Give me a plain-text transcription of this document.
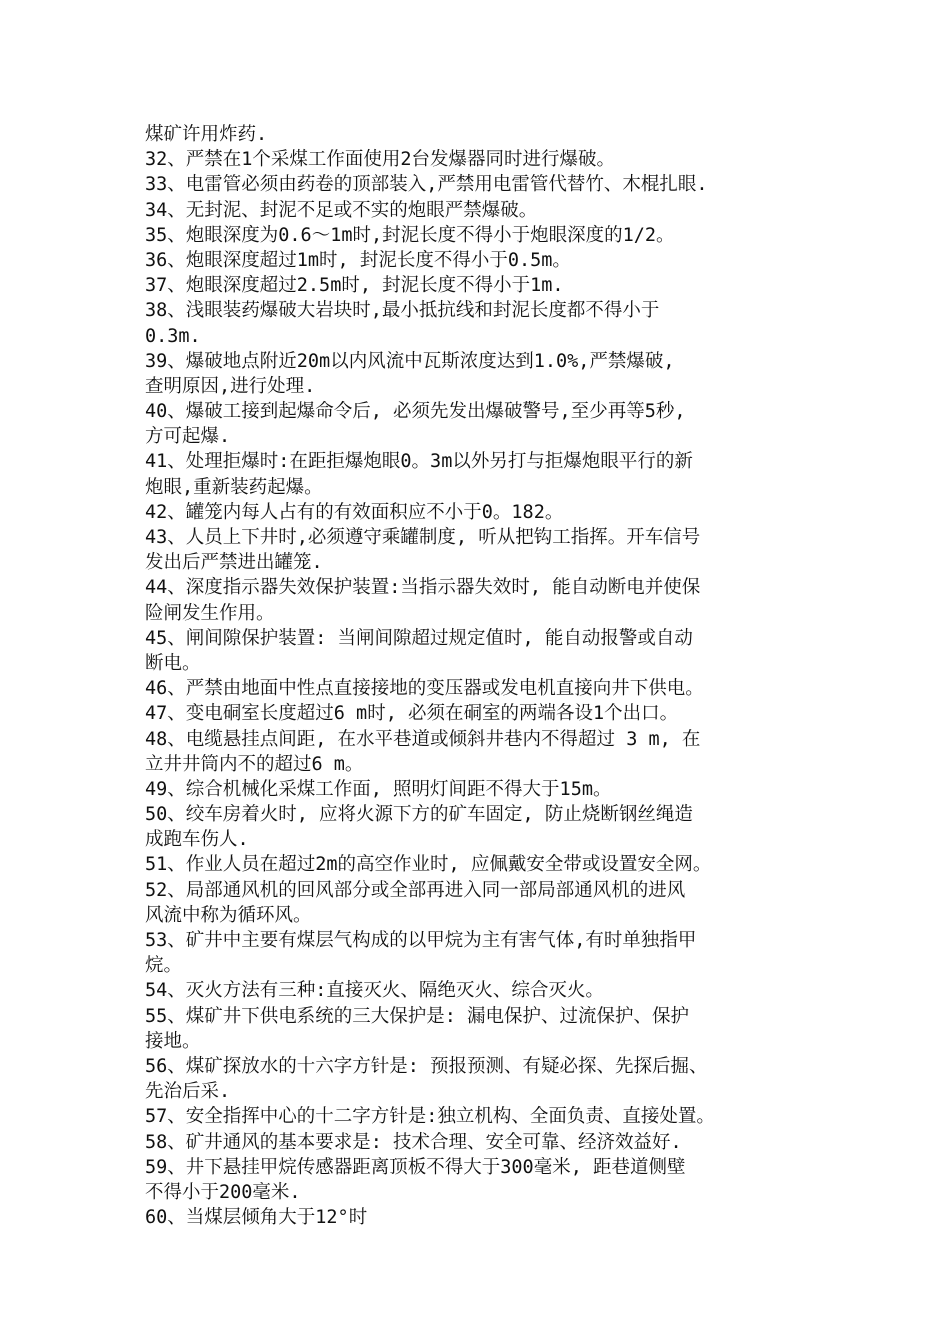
煤矿许用炸药.
32、严禁在1个采煤工作面使用2台发爆器同时进行爆破。
33、电雷管必须由药卷的顶部装入,严禁用电雷管代替竹、木棍扎眼.
34、无封泥、封泥不足或不实的炮眼严禁爆破。
35、炮眼深度为0.6～1m时,封泥长度不得小于炮眼深度的1/2。
36、炮眼深度超过1m时, 封泥长度不得小于0.5m。
37、炮眼深度超过2.5m时, 封泥长度不得小于1m.
38、浅眼装药爆破大岩块时,最小抵抗线和封泥长度都不得小于
0.3m.
39、爆破地点附近20m以内风流中瓦斯浓度达到1.0%,严禁爆破,
查明原因,进行处理.
40、爆破工接到起爆命令后, 必须先发出爆破警号,至少再等5秒,
方可起爆.
41、处理拒爆时:在距拒爆炮眼0。3m以外另打与拒爆炮眼平行的新
炮眼,重新装药起爆。
42、罐笼内每人占有的有效面积应不小于0。182。
43、人员上下井时,必须遵守乘罐制度, 听从把钩工指挥。开车信号
发出后严禁进出罐笼.
44、深度指示器失效保护装置:当指示器失效时, 能自动断电并使保
险闸发生作用。
45、闸间隙保护装置: 当闸间隙超过规定值时, 能自动报警或自动
断电。
46、严禁由地面中性点直接接地的变压器或发电机直接向井下供电。
47、变电硐室长度超过6 m时, 必须在硐室的两端各设1个出口。
48、电缆悬挂点间距, 在水平巷道或倾斜井巷内不得超过 3 m, 在
立井井筒内不的超过6 m。
49、综合机械化采煤工作面, 照明灯间距不得大于15m。
50、绞车房着火时, 应将火源下方的矿车固定, 防止烧断钢丝绳造
成跑车伤人.
51、作业人员在超过2m的高空作业时, 应佩戴安全带或设置安全网。
52、局部通风机的回风部分或全部再进入同一部局部通风机的进风
风流中称为循环风。
53、矿井中主要有煤层气构成的以甲烷为主有害气体,有时单独指甲
烷。
54、灭火方法有三种:直接灭火、隔绝灭火、综合灭火。
55、煤矿井下供电系统的三大保护是: 漏电保护、过流保护、保护
接地。
56、煤矿探放水的十六字方针是: 预报预测、有疑必探、先探后掘、
先治后采.
57、安全指挥中心的十二字方针是:独立机构、全面负责、直接处置。
58、矿井通风的基本要求是: 技术合理、安全可靠、经济效益好.
59、井下悬挂甲烷传感器距离顶板不得大于300毫米, 距巷道侧壁
不得小于200毫米.
60、当煤层倾角大于12°时
